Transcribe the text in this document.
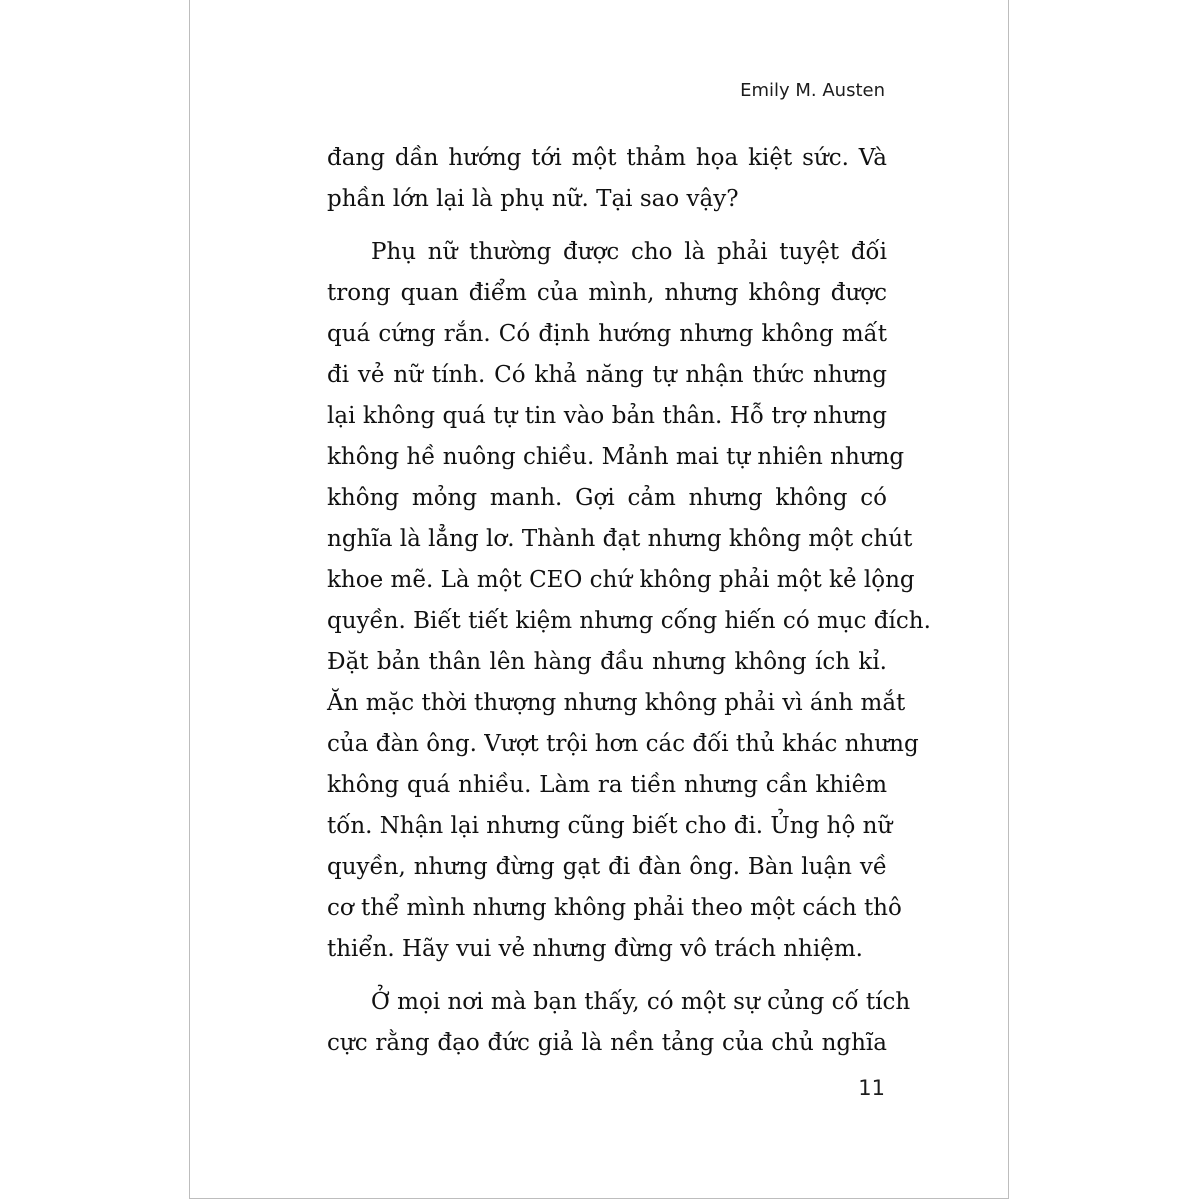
Emily M. Austen

đang dần hướng tới một thảm họa kiệt sức. Và
phần lớn lại là phụ nữ. Tại sao vậy?
Phụ nữ thường được cho là phải tuyệt đối
trong quan điểm của mình, nhưng không được
quá cứng rắn. Có định hướng nhưng không mất
đi vẻ nữ tính. Có khả năng tự nhận thức nhưng
lại không quá tự tin vào bản thân. Hỗ trợ nhưng
không hề nuông chiều. Mảnh mai tự nhiên nhưng
không mỏng manh. Gợi cảm nhưng không có
nghĩa là lẳng lơ. Thành đạt nhưng không một chút
khoe mẽ. Là một CEO chứ không phải một kẻ lộng
quyền. Biết tiết kiệm nhưng cống hiến có mục đích.
Đặt bản thân lên hàng đầu nhưng không ích kỉ.
Ăn mặc thời thượng nhưng không phải vì ánh mắt
của đàn ông. Vượt trội hơn các đối thủ khác nhưng
không quá nhiều. Làm ra tiền nhưng cần khiêm
tốn. Nhận lại nhưng cũng biết cho đi. Ủng hộ nữ
quyền, nhưng đừng gạt đi đàn ông. Bàn luận về
cơ thể mình nhưng không phải theo một cách thô
thiển. Hãy vui vẻ nhưng đừng vô trách nhiệm.
Ở mọi nơi mà bạn thấy, có một sự củng cố tích
cực rằng đạo đức giả là nền tảng của chủ nghĩa

11
